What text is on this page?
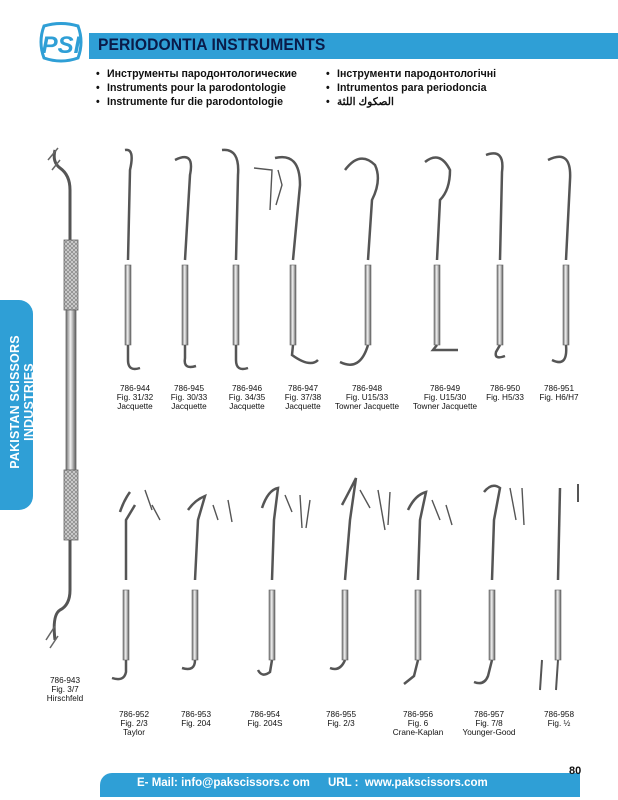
PSI PERIODONTIA INSTRUMENTS
• Инструменты пародонтологические
• Instruments pour la parodontologie
• Instrumente fur die parodontologie
• Інструменти пародонтологічні
• Intrumentos para periodoncia
• الصكوك اللثة
PAKISTAN SCISSORS INDUSTRIES
786-943
Fig. 3/7
Hirschfeld
786-944
Fig. 31/32
Jacquette
786-945
Fig. 30/33
Jacquette
786-946
Fig. 34/35
Jacquette
786-947
Fig. 37/38
Jacquette
786-948
Fig. U15/33
Towner Jacquette
786-949
Fig. U15/30
Towner Jacquette
786-950
Fig. H5/33
786-951
Fig. H6/H7
786-952
Fig. 2/3
Taylor
786-953
Fig. 204
786-954
Fig. 204S
786-955
Fig. 2/3
786-956
Fig. 6
Crane-Kaplan
786-957
Fig. 7/8
Younger-Good
786-958
Fig. ½
E- Mail: info@pakscissors.c om URL : www.pakscissors.com
80
